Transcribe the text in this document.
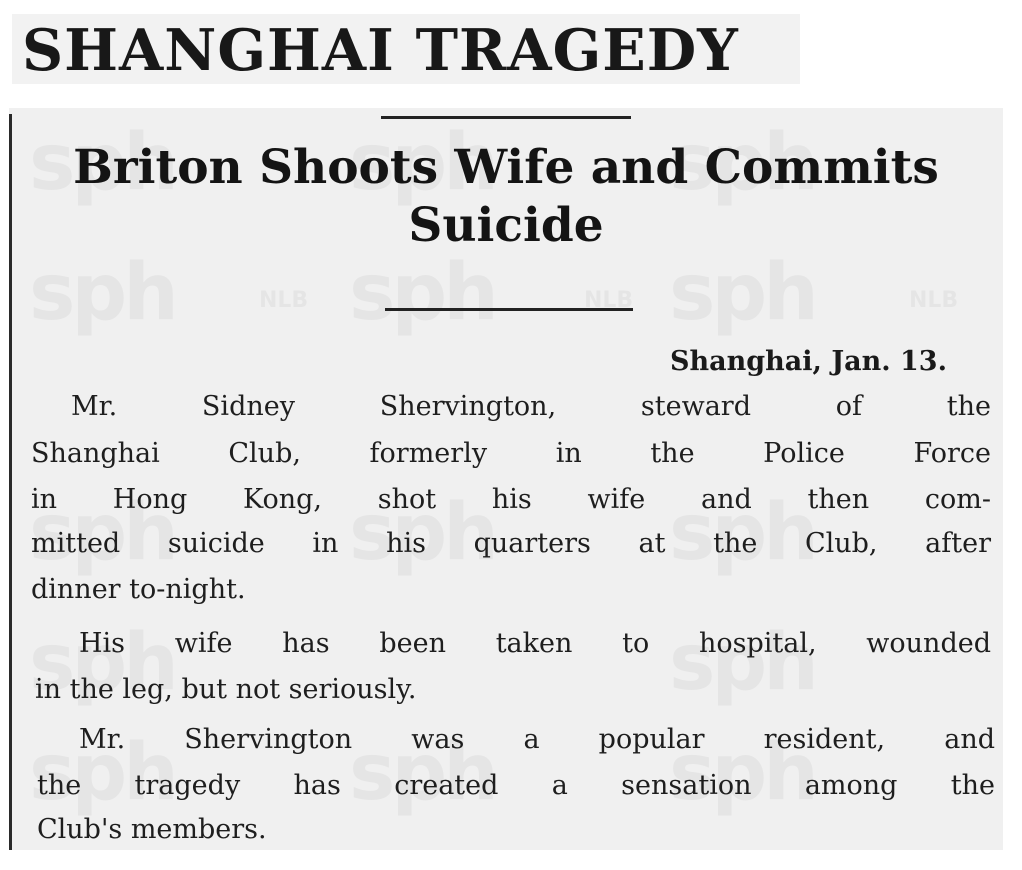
SHANGHAI TRAGEDY
Briton Shoots Wife and Commits
Suicide
Shanghai, Jan. 13.
Mr. Sidney Shervington, steward of the
Shanghai Club, formerly in the Police Force
in Hong Kong, shot his wife and then com-
mitted suicide in his quarters at the Club, after
dinner to-night.
His wife has been taken to hospital, wounded
in the leg, but not seriously.
Mr. Shervington was a popular resident, and
the tragedy has created a sensation among the
Club's members.
